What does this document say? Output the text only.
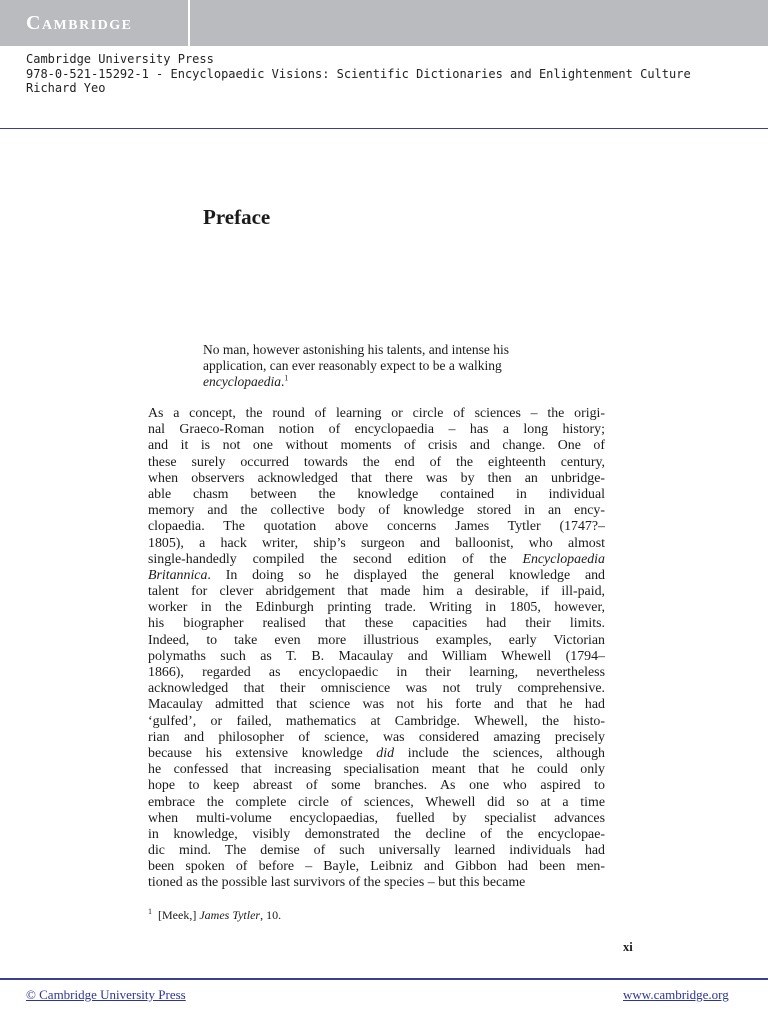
Cambridge
Cambridge University Press
978-0-521-15292-1 - Encyclopaedic Visions: Scientific Dictionaries and Enlightenment Culture
Richard Yeo
Preface
No man, however astonishing his talents, and intense his
application, can ever reasonably expect to be a walking
encyclopaedia.$^1$
As a concept, the round of learning or circle of sciences – the origi-
nal Graeco-Roman notion of encyclopaedia – has a long history;
and it is not one without moments of crisis and change. One of
these surely occurred towards the end of the eighteenth century,
when observers acknowledged that there was by then an unbridge-
able chasm between the knowledge contained in individual
memory and the collective body of knowledge stored in an ency-
clopaedia. The quotation above concerns James Tytler (1747?–
1805), a hack writer, ship’s surgeon and balloonist, who almost
single-handedly compiled the second edition of the Encyclopaedia
Britannica. In doing so he displayed the general knowledge and
talent for clever abridgement that made him a desirable, if ill-paid,
worker in the Edinburgh printing trade. Writing in 1805, however,
his biographer realised that these capacities had their limits.
Indeed, to take even more illustrious examples, early Victorian
polymaths such as T. B. Macaulay and William Whewell (1794–
1866), regarded as encyclopaedic in their learning, nevertheless
acknowledged that their omniscience was not truly comprehensive.
Macaulay admitted that science was not his forte and that he had
‘gulfed’, or failed, mathematics at Cambridge. Whewell, the histo-
rian and philosopher of science, was considered amazing precisely
because his extensive knowledge did include the sciences, although
he confessed that increasing specialisation meant that he could only
hope to keep abreast of some branches. As one who aspired to
embrace the complete circle of sciences, Whewell did so at a time
when multi-volume encyclopaedias, fuelled by specialist advances
in knowledge, visibly demonstrated the decline of the encyclopae-
dic mind. The demise of such universally learned individuals had
been spoken of before – Bayle, Leibniz and Gibbon had been men-
tioned as the possible last survivors of the species – but this became
$^1$ [Meek,] James Tytler, 10.
xi
© Cambridge University Press	www.cambridge.org
